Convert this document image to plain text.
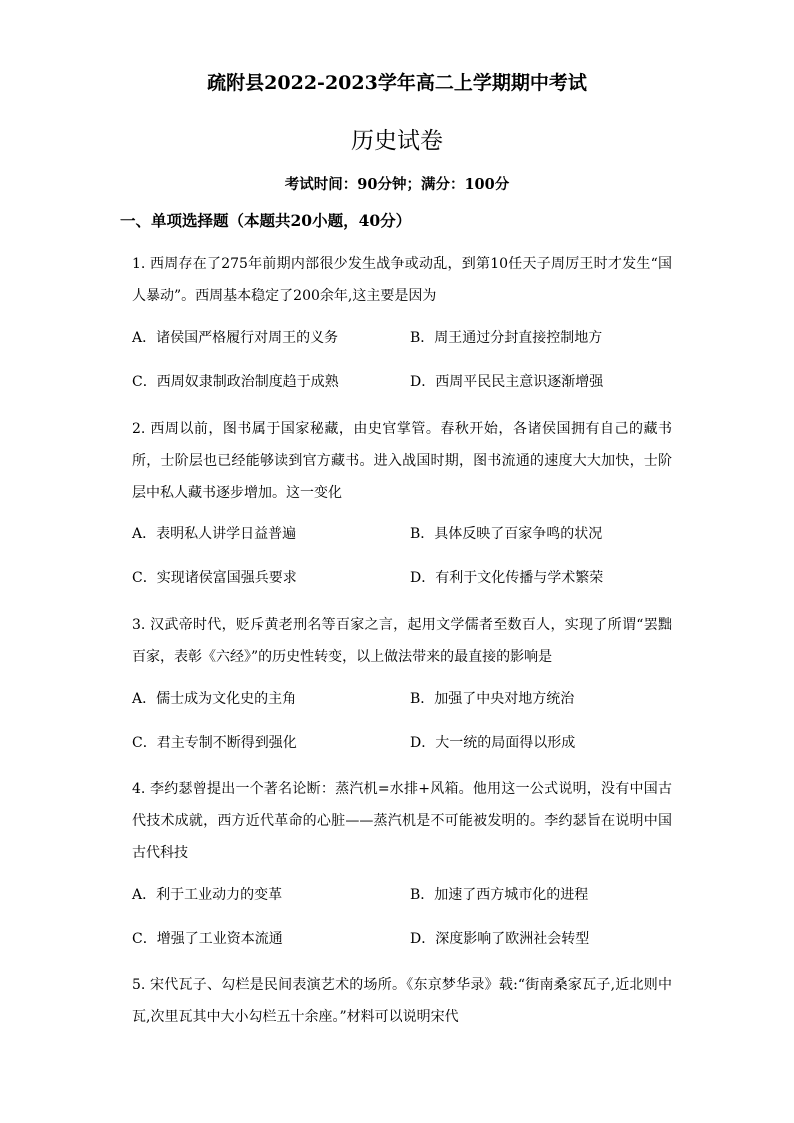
疏附县2022-2023学年高二上学期期中考试
历史试卷
考试时间：90分钟；满分：100分
一、单项选择题（本题共20小题，40分）
1. 西周存在了275年前期内部很少发生战争或动乱，到第10任天子周厉王时才发生“国人暴动”。西周基本稳定了200余年,这主要是因为
A．诸侯国严格履行对周王的义务	B．周王通过分封直接控制地方
C．西周奴隶制政治制度趋于成熟	D．西周平民民主意识逐渐增强
2. 西周以前，图书属于国家秘藏，由史官掌管。春秋开始，各诸侯国拥有自己的藏书所，士阶层也已经能够读到官方藏书。进入战国时期，图书流通的速度大大加快，士阶层中私人藏书逐步增加。这一变化
A．表明私人讲学日益普遍	B．具体反映了百家争鸣的状况
C．实现诸侯富国强兵要求	D．有利于文化传播与学术繁荣
3. 汉武帝时代，贬斥黄老刑名等百家之言，起用文学儒者至数百人，实现了所谓“罢黜百家，表彰《六经》”的历史性转变，以上做法带来的最直接的影响是
A．儒士成为文化史的主角	B．加强了中央对地方统治
C．君主专制不断得到强化	D．大一统的局面得以形成
4. 李约瑟曾提出一个著名论断：蒸汽机=水排+风箱。他用这一公式说明，没有中国古代技术成就，西方近代革命的心脏——蒸汽机是不可能被发明的。李约瑟旨在说明中国古代科技
A．利于工业动力的变革	B．加速了西方城市化的进程
C．增强了工业资本流通	D．深度影响了欧洲社会转型
5. 宋代瓦子、勾栏是民间表演艺术的场所。《东京梦华录》载:“街南桑家瓦子,近北则中瓦,次里瓦其中大小勾栏五十余座。”材料可以说明宋代
